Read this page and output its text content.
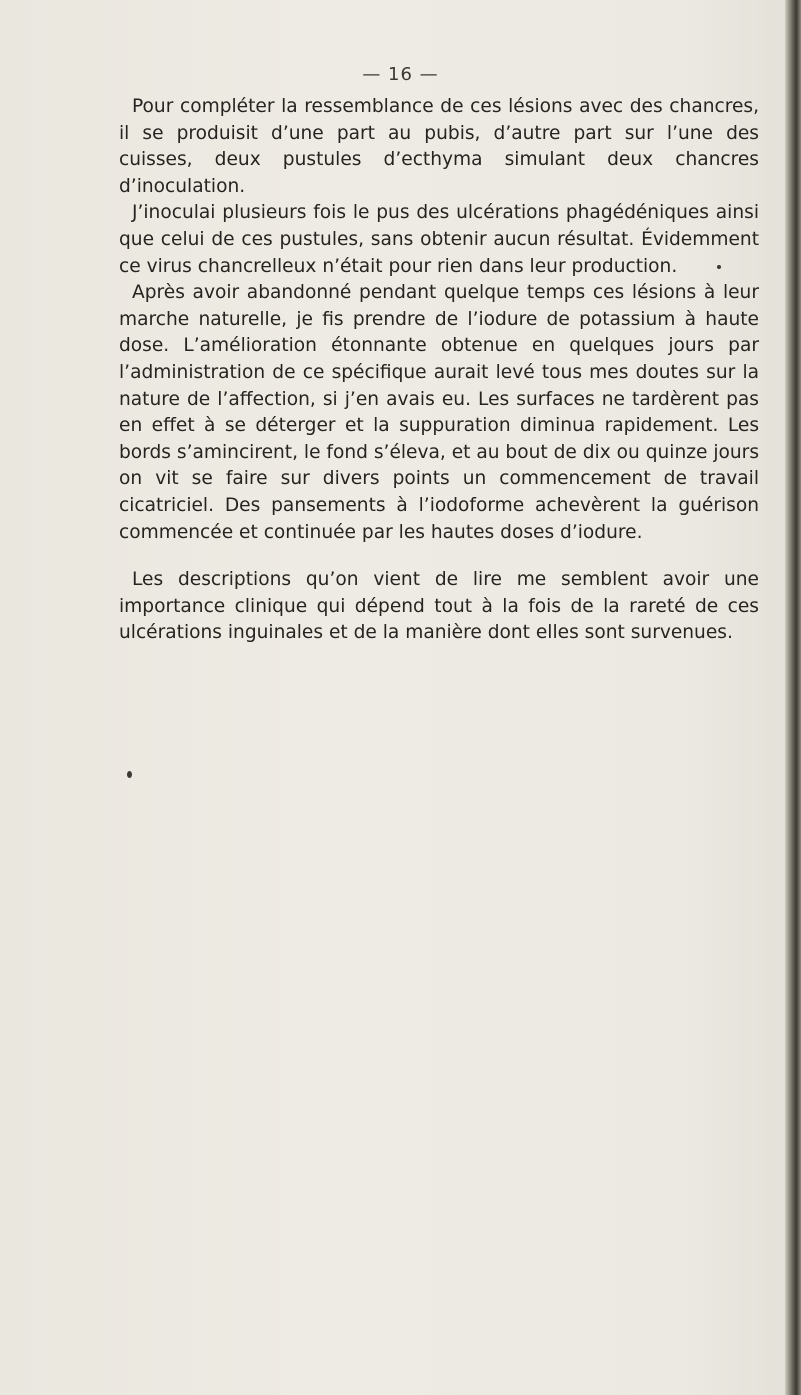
— 16 —

Pour compléter la ressemblance de ces lésions avec des chancres, il se produisit d’une part au pubis, d’autre part sur l’une des cuisses, deux pustules d’ecthyma simulant deux chancres d’inoculation.

J’inoculai plusieurs fois le pus des ulcérations phagédéniques ainsi que celui de ces pustules, sans obtenir aucun résultat. Évidemment ce virus chancrelleux n’était pour rien dans leur production.

Après avoir abandonné pendant quelque temps ces lésions à leur marche naturelle, je fis prendre de l’iodure de potassium à haute dose. L’amélioration étonnante obtenue en quelques jours par l’administration de ce spécifique aurait levé tous mes doutes sur la nature de l’affection, si j’en avais eu. Les surfaces ne tardèrent pas en effet à se déterger et la suppuration diminua rapidement. Les bords s’amincirent, le fond s’éleva, et au bout de dix ou quinze jours on vit se faire sur divers points un commencement de travail cicatriciel. Des pansements à l’iodoforme achevèrent la guérison commencée et continuée par les hautes doses d’iodure.

Les descriptions qu’on vient de lire me semblent avoir une importance clinique qui dépend tout à la fois de la rareté de ces ulcérations inguinales et de la manière dont elles sont survenues.
